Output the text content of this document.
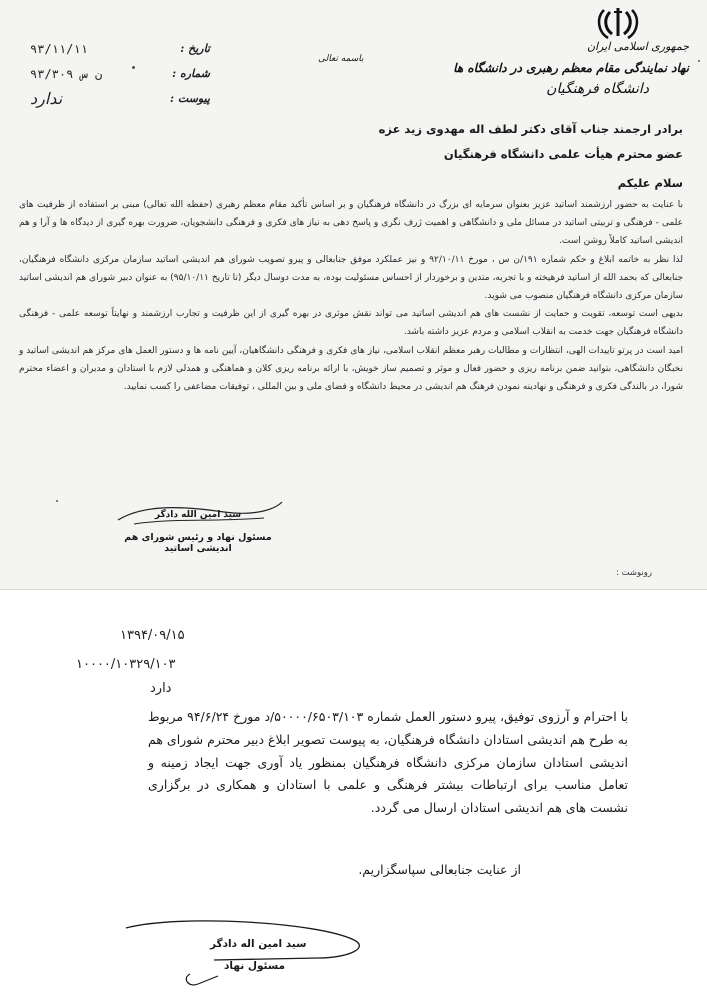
جمهوری اسلامی ایران
نهاد نمایندگی مقام معظم رهبری در دانشگاه ها
دانشگاه فرهنگیان
باسمه تعالی
تاریخ :
۹۳/۱۱/۱۱
شماره :
۹۳/۳۰۹ ن س
پیوست :
ندارد
برادر ارجمند جناب آقای دکتر لطف اله مهدوی زید عزه
عضو محترم هیأت علمی دانشگاه فرهنگیان
سلام علیکم

با عنایت به حضور ارزشمند اساتید عزیز بعنوان سرمایه ای بزرگ در دانشگاه فرهنگیان و بر اساس تأکید مقام معظم رهبری (حفظه الله تعالی) مبنی بر استفاده از ظرفیت های علمی - فرهنگی و تربیتی اساتید در مسائل ملی و دانشگاهی و اهمیت ژرف نگری و پاسخ دهی به نیاز های فکری و فرهنگی دانشجویان، ضرورت بهره گیری از دیدگاه ها و آرا و هم اندیشی اساتید کاملاً روشن است.

لذا نظر به خاتمه ابلاغ و حکم شماره ۱۹۱/ن س ، مورخ ۹۲/۱۰/۱۱ و نیز عملکرد موفق جنابعالی و پیرو تصویب شورای هم اندیشی اساتید سازمان مرکزی دانشگاه فرهنگیان، جنابعالی که بحمد الله از اساتید فرهیخته و با تجربه، متدین و برخوردار از احساس مسئولیت بوده، به مدت دوسال دیگر (تا تاریخ ۹۵/۱۰/۱۱) به عنوان دبیر شورای هم اندیشی اساتید سازمان مرکزی دانشگاه فرهنگیان منصوب می شوید.

بدیهی است توسعه، تقویت و حمایت از نشست های هم اندیشی اساتید می تواند نقش موثری در بهره گیری از این ظرفیت و تجارب ارزشمند و نهایتاً توسعه علمی - فرهنگی دانشگاه فرهنگیان جهت خدمت به انقلاب اسلامی و مردم عزیز داشته باشد.

امید است در پرتو تاییدات الهی، انتظارات و مطالبات رهبر معظم انقلاب اسلامی، نیاز های فکری و فرهنگی دانشگاهیان، آیین نامه ها و دستور العمل های مرکز هم اندیشی اساتید و نخبگان دانشگاهی، بتوانید ضمن برنامه ریزی و حضور فعال و موثر و تصمیم ساز خویش، با ارائه برنامه ریزی کلان و هماهنگی و همدلی لازم با استادان و مدیران و اعضاء محترم شورا، در بالندگی فکری و فرهنگی و نهادینه نمودن فرهنگ هم اندیشی در محیط دانشگاه و فضای ملی و بین المللی ، توفیقات مضاعفی را کسب نمایید.

سید امین الله دادگر
مسئول نهاد و رئیس شورای هم اندیشی اساتید
رونوشت :
۱۳۹۴/۰۹/۱۵
۱۰۰۰۰/۱۰۳۲۹/۱۰۳
دارد
با احترام و آرزوی توفیق، پیرو دستور العمل شماره ۵۰۰۰۰/۶۵۰۳/۱۰۳/د مورخ ۹۴/۶/۲۴ مربوط به طرح هم اندیشی استادان دانشگاه فرهنگیان، به پیوست تصویر ابلاغ دبیر محترم شورای هم اندیشی استادان سازمان مرکزی دانشگاه فرهنگیان بمنظور یاد آوری جهت ایجاد زمینه و تعامل مناسب برای ارتباطات بیشتر فرهنگی و علمی با استادان و همکاری در برگزاری نشست های هم اندیشی استادان ارسال می گردد.
از عنایت جنابعالی سپاسگزاریم.
سید امین اله دادگر
مسئول نهاد
